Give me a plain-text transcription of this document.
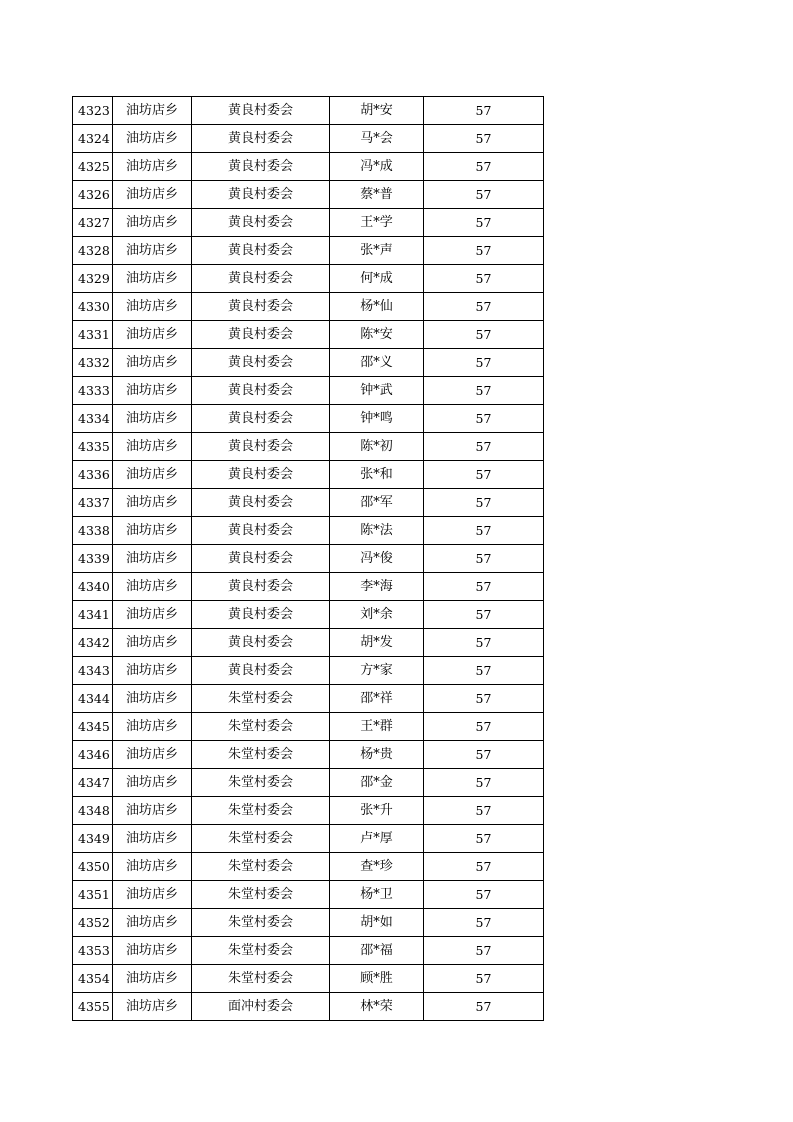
4323	油坊店乡	黄良村委会	胡*安	57
4324	油坊店乡	黄良村委会	马*会	57
4325	油坊店乡	黄良村委会	冯*成	57
4326	油坊店乡	黄良村委会	蔡*普	57
4327	油坊店乡	黄良村委会	王*学	57
4328	油坊店乡	黄良村委会	张*声	57
4329	油坊店乡	黄良村委会	何*成	57
4330	油坊店乡	黄良村委会	杨*仙	57
4331	油坊店乡	黄良村委会	陈*安	57
4332	油坊店乡	黄良村委会	邵*义	57
4333	油坊店乡	黄良村委会	钟*武	57
4334	油坊店乡	黄良村委会	钟*鸣	57
4335	油坊店乡	黄良村委会	陈*初	57
4336	油坊店乡	黄良村委会	张*和	57
4337	油坊店乡	黄良村委会	邵*军	57
4338	油坊店乡	黄良村委会	陈*法	57
4339	油坊店乡	黄良村委会	冯*俊	57
4340	油坊店乡	黄良村委会	李*海	57
4341	油坊店乡	黄良村委会	刘*余	57
4342	油坊店乡	黄良村委会	胡*发	57
4343	油坊店乡	黄良村委会	方*家	57
4344	油坊店乡	朱堂村委会	邵*祥	57
4345	油坊店乡	朱堂村委会	王*群	57
4346	油坊店乡	朱堂村委会	杨*贵	57
4347	油坊店乡	朱堂村委会	邵*金	57
4348	油坊店乡	朱堂村委会	张*升	57
4349	油坊店乡	朱堂村委会	卢*厚	57
4350	油坊店乡	朱堂村委会	查*珍	57
4351	油坊店乡	朱堂村委会	杨*卫	57
4352	油坊店乡	朱堂村委会	胡*如	57
4353	油坊店乡	朱堂村委会	邵*福	57
4354	油坊店乡	朱堂村委会	顾*胜	57
4355	油坊店乡	面冲村委会	林*荣	57
